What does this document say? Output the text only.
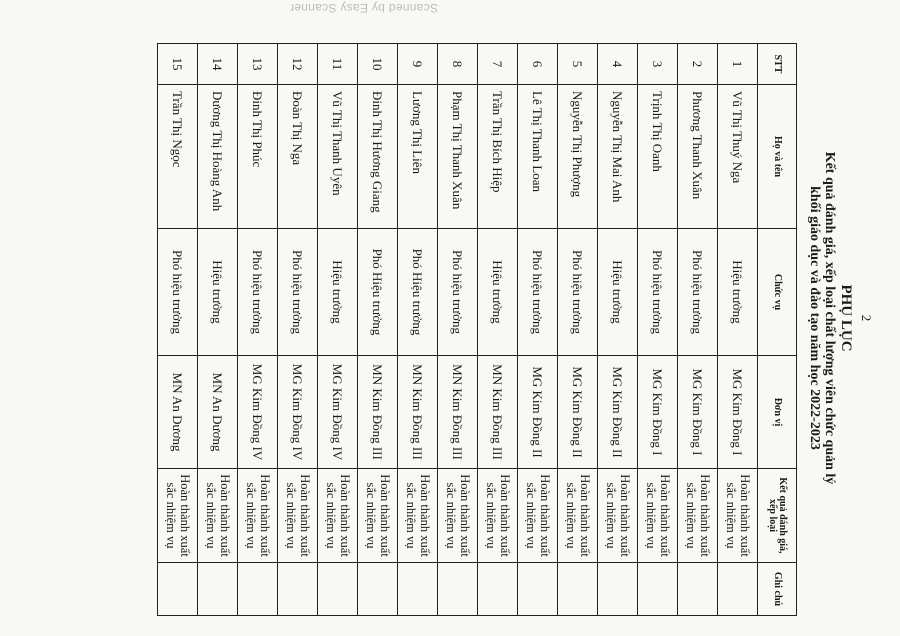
2
PHỤ LỤC
Kết quả đánh giá, xếp loại chất lượng viên chức quản lý
khối giáo dục và đào tạo năm học 2022-2023
STT	Họ và tên	Chức vụ	Đơn vị	Kết quả đánh giá, xếp loại	Ghi chú
1	Vũ Thị Thuý Nga	Hiệu trưởng	MG Kim Đồng I	Hoàn thành xuất sắc nhiệm vụ	
2	Phương Thanh Xuân	Phó hiệu trưởng	MG Kim Đồng I	Hoàn thành xuất sắc nhiệm vụ	
3	Trịnh Thị Oanh	Phó hiệu trưởng	MG Kim Đồng I	Hoàn thành xuất sắc nhiệm vụ	
4	Nguyễn Thị Mai Anh	Hiệu trưởng	MG Kim Đồng II	Hoàn thành xuất sắc nhiệm vụ	
5	Nguyễn Thị Phượng	Phó hiệu trưởng	MG Kim Đồng II	Hoàn thành xuất sắc nhiệm vụ	
6	Lê Thị Thanh Loan	Phó hiệu trưởng	MG Kim Đồng II	Hoàn thành xuất sắc nhiệm vụ	
7	Trần Thị Bích Hiệp	Hiệu trưởng	MN Kim Đồng III	Hoàn thành xuất sắc nhiệm vụ	
8	Phạm Thị Thanh Xuân	Phó hiệu trưởng	MN Kim Đồng III	Hoàn thành xuất sắc nhiệm vụ	
9	Lương Thị Liên	Phó Hiệu trưởng	MN Kim Đồng III	Hoàn thành xuất sắc nhiệm vụ	
10	Đinh Thị Hương Giang	Phó Hiệu trưởng	MN Kim Đồng III	Hoàn thành xuất sắc nhiệm vụ	
11	Vũ Thị Thanh Uyên	Hiệu trưởng	MG Kim Đồng IV	Hoàn thành xuất sắc nhiệm vụ	
12	Đoàn Thị Nga	Phó hiệu trưởng	MG Kim Đồng IV	Hoàn thành xuất sắc nhiệm vụ	
13	Đinh Thị Phúc	Phó hiệu trưởng	MG Kim Đồng IV	Hoàn thành xuất sắc nhiệm vụ	
14	Dương Thị Hoàng Anh	Hiệu trưởng	MN An Dương	Hoàn thành xuất sắc nhiệm vụ	
15	Trần Thị Ngọc	Phó hiệu trưởng	MN An Dương	Hoàn thành xuất sắc nhiệm vụ	
Scanned by Easy Scanner
